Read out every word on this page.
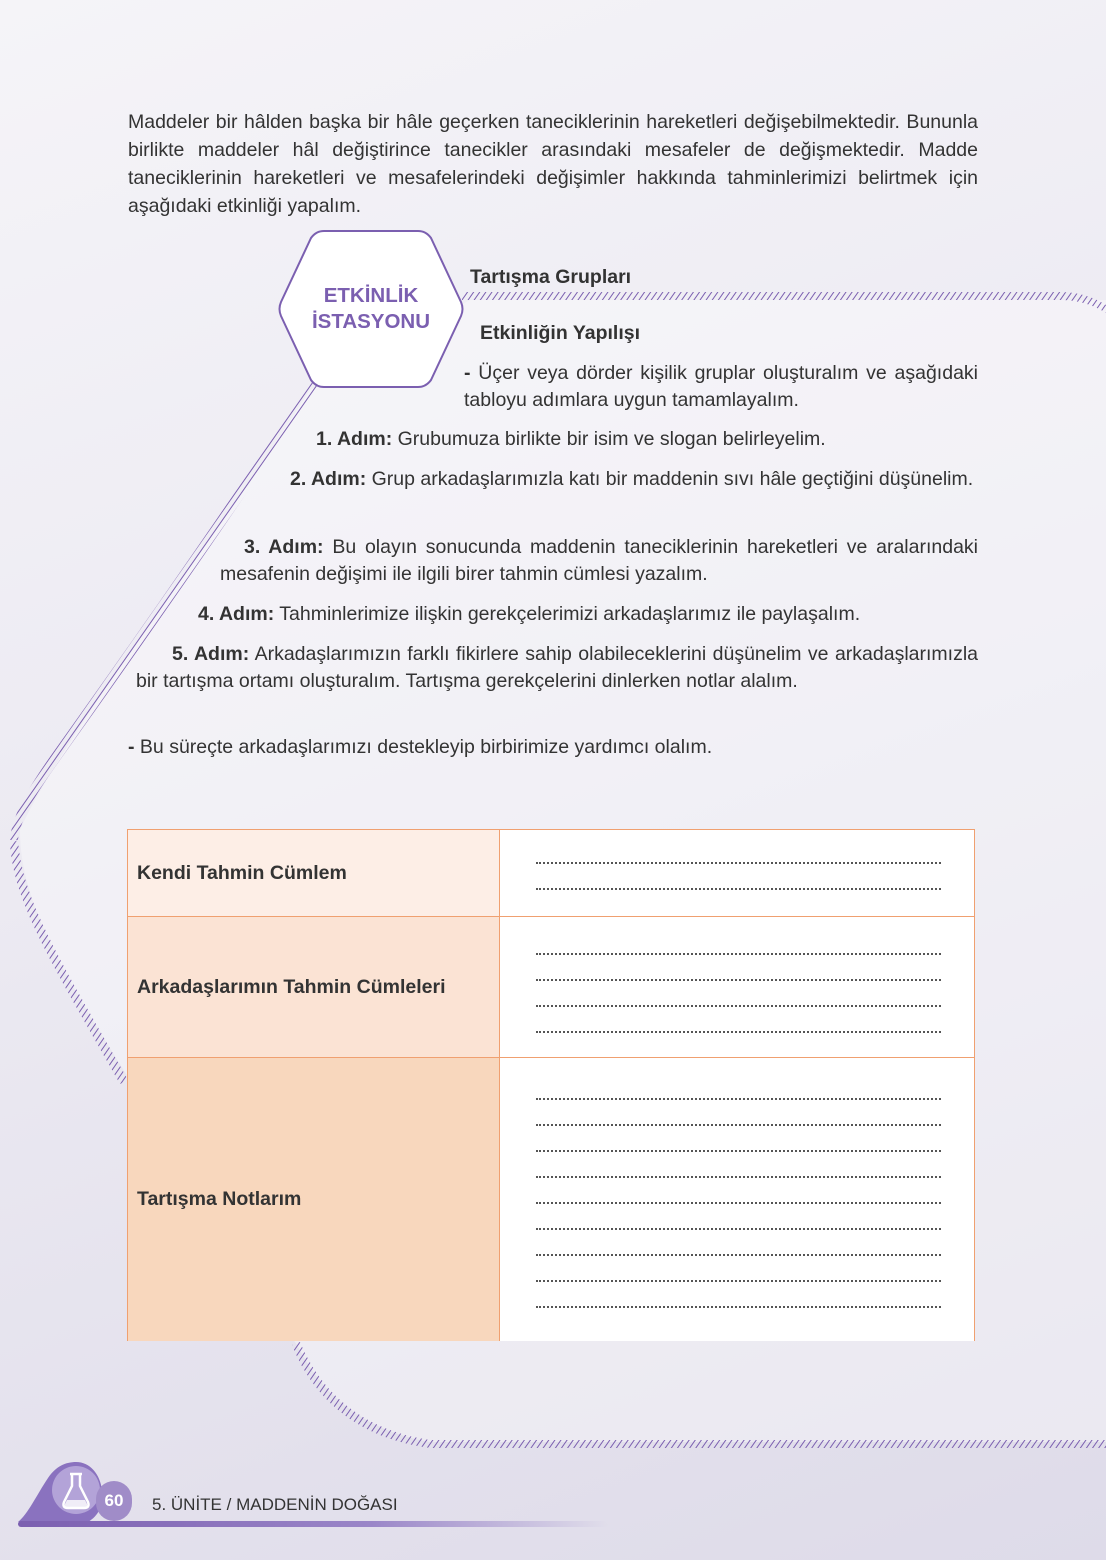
Maddeler bir hâlden başka bir hâle geçerken taneciklerinin hareketleri değişebilmektedir. Bununla birlikte maddeler hâl değiştirince tanecikler arasındaki mesafeler de değişmektedir. Madde taneciklerinin hareketleri ve mesafelerindeki değişimler hakkında tahminlerimizi belirtmek için aşağıdaki etkinliği yapalım.

ETKİNLİK
İSTASYONU

Tartışma Grupları

Etkinliğin Yapılışı

- Üçer veya dörder kişilik gruplar oluşturalım ve aşağıdaki tabloyu adımlara uygun tamamlayalım.

1. Adım: Grubumuza birlikte bir isim ve slogan belirleyelim.

2. Adım: Grup arkadaşlarımızla katı bir maddenin sıvı hâle geçtiğini düşünelim.

3. Adım: Bu olayın sonucunda maddenin taneciklerinin hareketleri ve aralarındaki mesafenin değişimi ile ilgili birer tahmin cümlesi yazalım.

4. Adım: Tahminlerimize ilişkin gerekçelerimizi arkadaşlarımız ile paylaşalım.

5. Adım: Arkadaşlarımızın farklı fikirlere sahip olabileceklerini düşünelim ve arkadaşlarımızla bir tartışma ortamı oluşturalım. Tartışma gerekçelerini dinlerken notlar alalım.

- Bu süreçte arkadaşlarımızı destekleyip birbirimize yardımcı olalım.

Kendi Tahmin Cümlem
Arkadaşlarımın Tahmin Cümleleri
Tartışma Notlarım
60	5. ÜNİTE / MADDENİN DOĞASI
